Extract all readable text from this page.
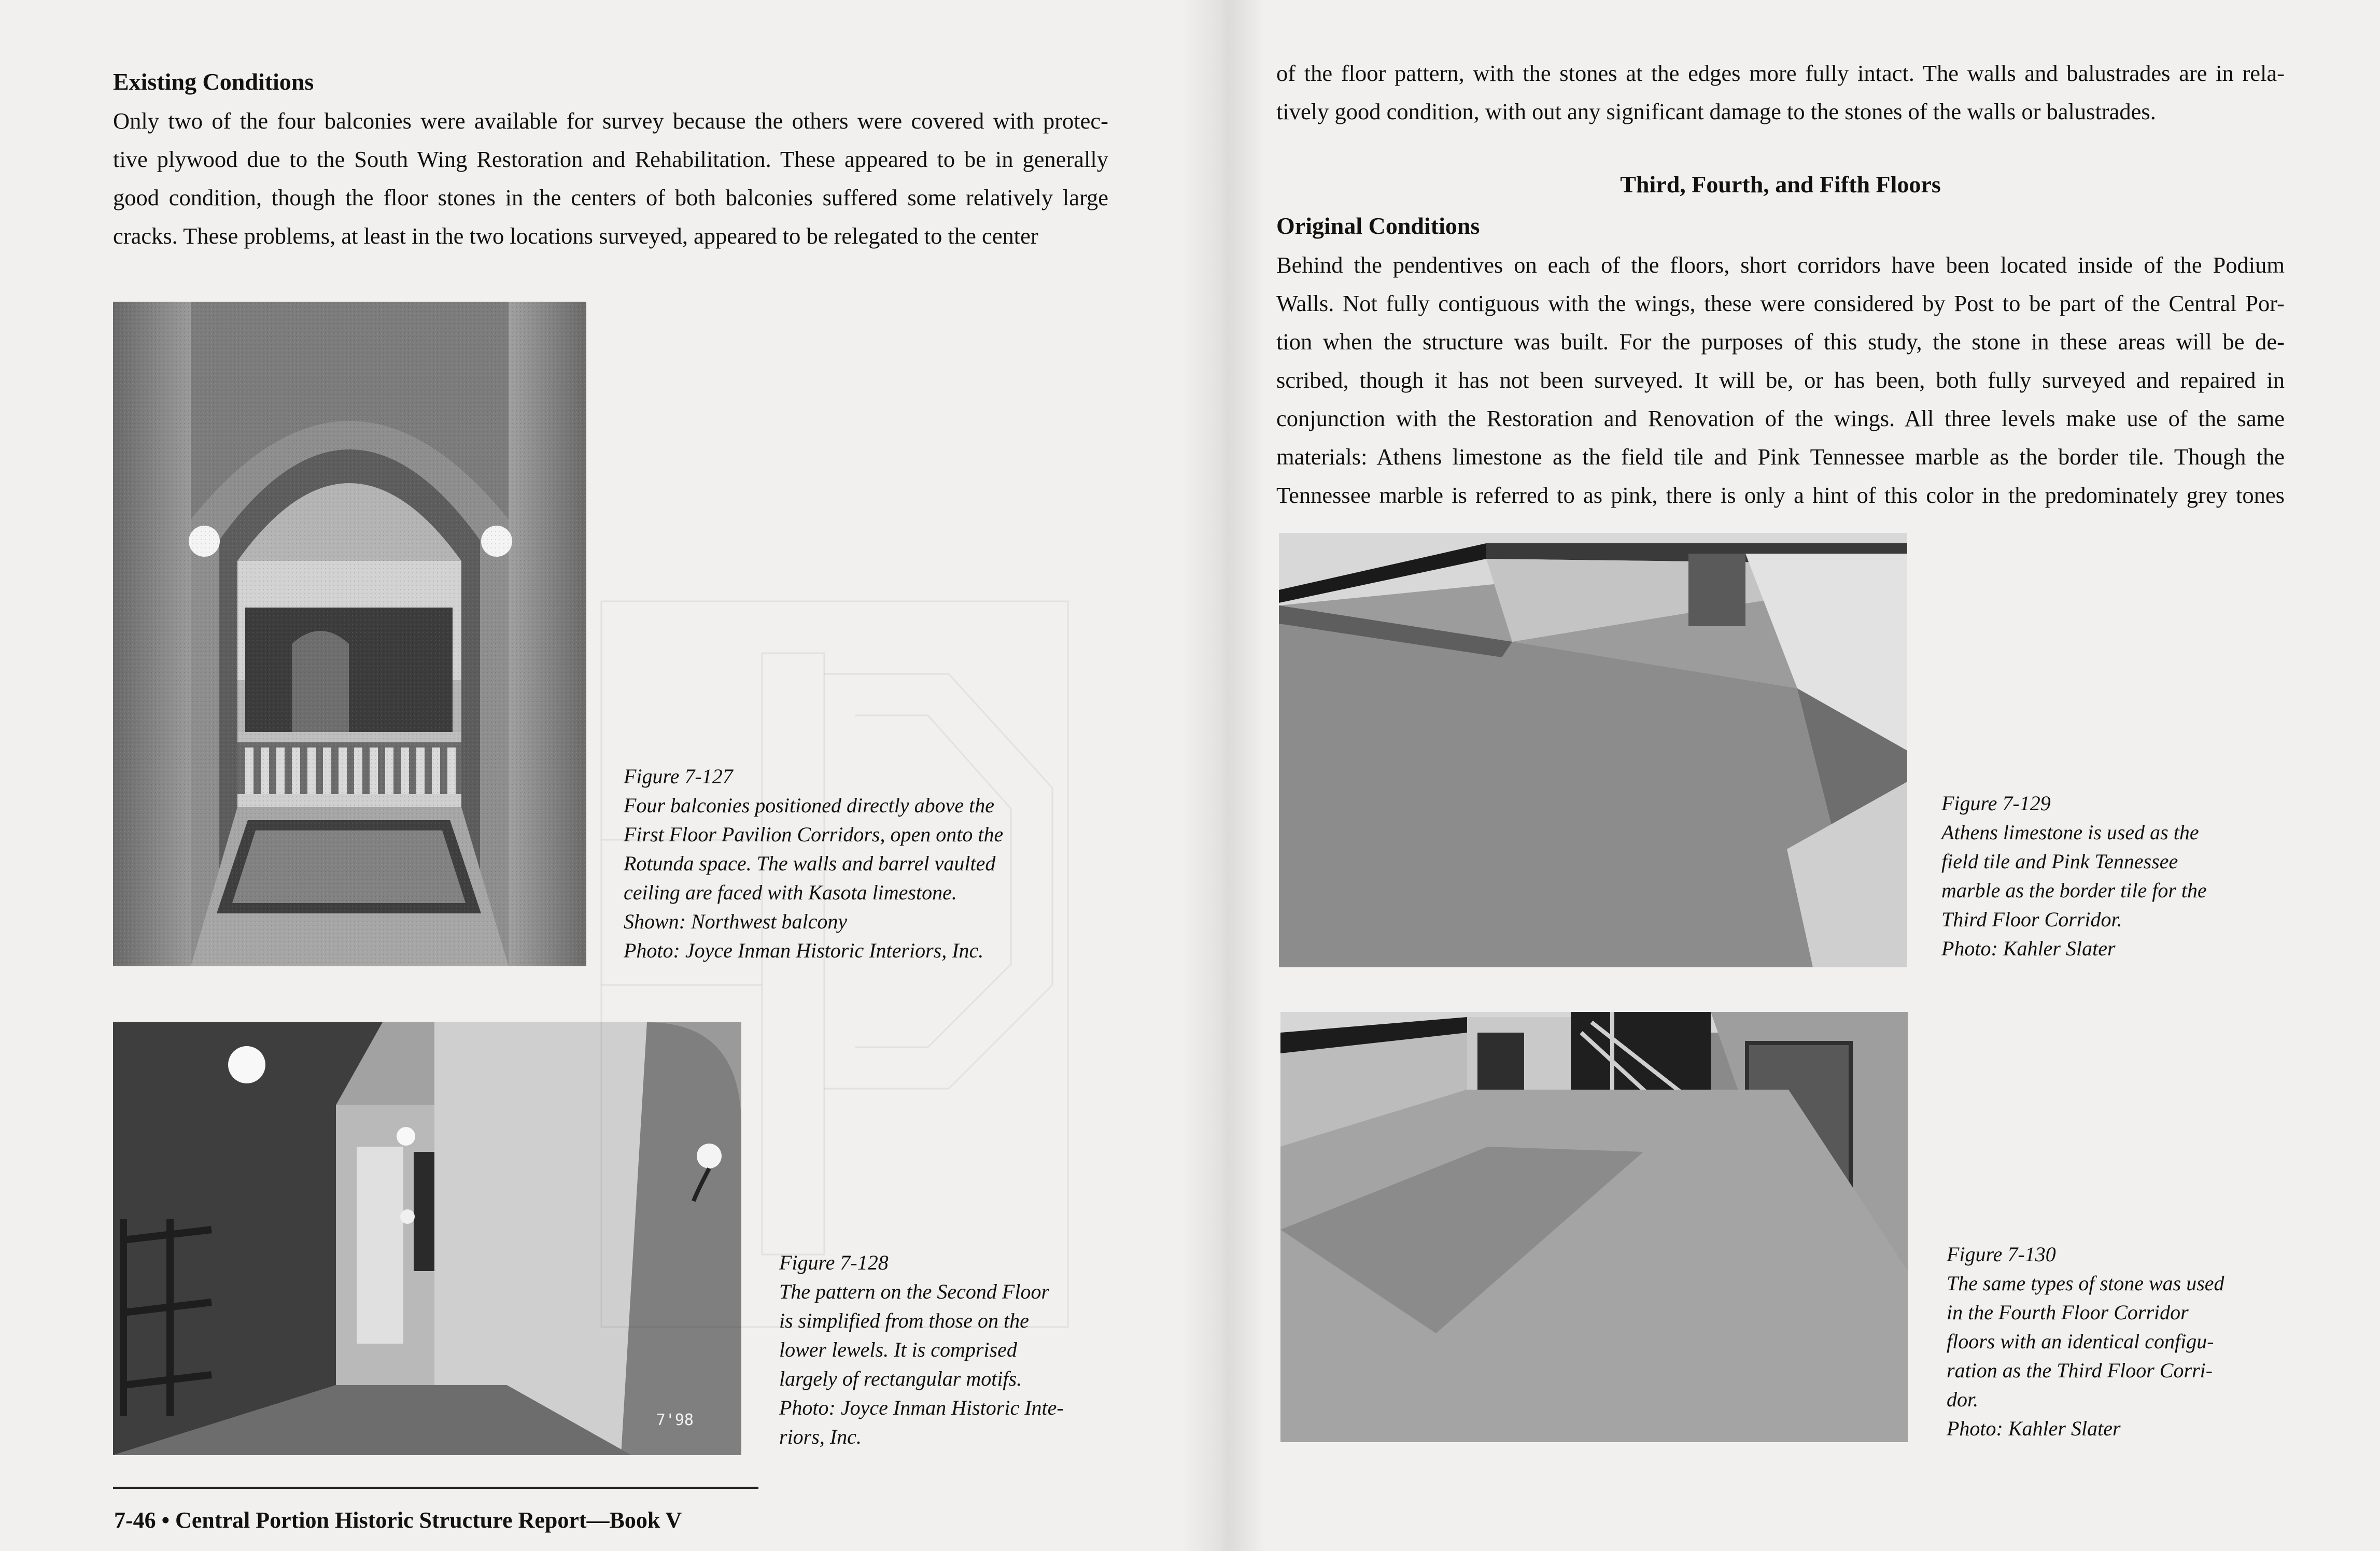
Existing Conditions

Only two of the four balconies were available for survey because the others were covered with protec-
tive plywood due to the South Wing Restoration and Rehabilitation. These appeared to be in generally
good condition, though the floor stones in the centers of both balconies suffered some relatively large
cracks. These problems, at least in the two locations surveyed, appeared to be relegated to the center

Figure 7-127
Four balconies positioned directly above the
First Floor Pavilion Corridors, open onto the
Rotunda space. The walls and barrel vaulted
ceiling are faced with Kasota limestone.
Shown: Northwest balcony
Photo: Joyce Inman Historic Interiors, Inc.
7'98
Figure 7-128
The pattern on the Second Floor
is simplified from those on the
lower lewels. It is comprised
largely of rectangular motifs.
Photo: Joyce Inman Historic Inte-
riors, Inc.
7-46 • Central Portion Historic Structure Report—Book V

of the floor pattern, with the stones at the edges more fully intact. The walls and balustrades are in rela-
tively good condition, with out any significant damage to the stones of the walls or balustrades.

Third, Fourth, and Fifth Floors
Original Conditions

Behind the pendentives on each of the floors, short corridors have been located inside of the Podium
Walls. Not fully contiguous with the wings, these were considered by Post to be part of the Central Por-
tion when the structure was built. For the purposes of this study, the stone in these areas will be de-
scribed, though it has not been surveyed. It will be, or has been, both fully surveyed and repaired in
conjunction with the Restoration and Renovation of the wings. All three levels make use of the same
materials: Athens limestone as the field tile and Pink Tennessee marble as the border tile. Though the
Tennessee marble is referred to as pink, there is only a hint of this color in the predominately grey tones

Figure 7-129
Athens limestone is used as the
field tile and Pink Tennessee
marble as the border tile for the
Third Floor Corridor.
Photo: Kahler Slater
Figure 7-130
The same types of stone was used
in the Fourth Floor Corridor
floors with an identical configu-
ration as the Third Floor Corri-
dor.
Photo: Kahler Slater
